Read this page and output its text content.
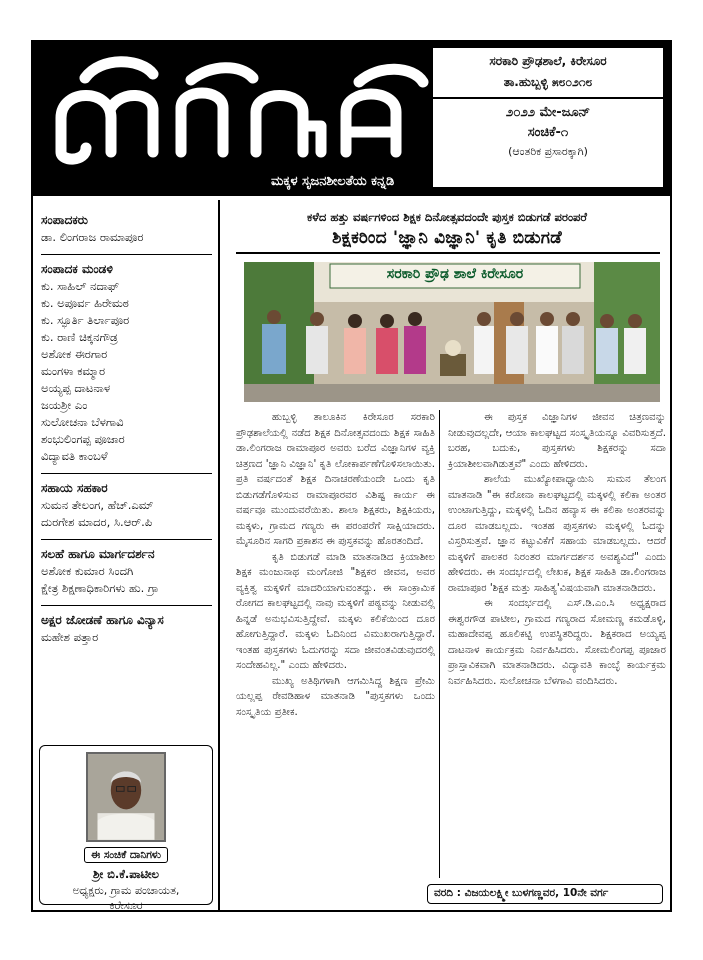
ಮಕ್ಕಳ ಸೃಜನಶೀಲತೆಯ ಕನ್ನಡಿ
ಸರಕಾರಿ ಪ್ರೌಢಶಾಲೆ, ಕಿರೇಸೂರ
ತಾ.ಹುಬ್ಬಳ್ಳಿ ೫೮೦೨೧೮
೨೦೨೨ ಮೇ-ಜೂನ್
ಸಂಚಿಕೆ-೧
(ಆಂತರಿಕ ಪ್ರಸಾರಕ್ಕಾಗಿ)
ಸಂಪಾದಕರು
ಡಾ. ಲಿಂಗರಾಜ ರಾಮಾಪೂರ
ಸಂಪಾದಕ ಮಂಡಳಿ
ಕು. ಸಾಹಿಲ್ ನದಾಫ್
ಕು. ಅಪೂರ್ವ ಹಿರೇಮಠ
ಕು. ಸ್ಫೂರ್ತಿ ತಿರ್ಲಾಪೂರ
ಕು. ರಾಣಿ ಚಿಕ್ಕನಗೌಡ್ರ
ಅಶೋಕ ಈರಗಾರ
ಮಂಗಳಾ ಕಮ್ಮಾರ
ಅಯ್ಯಪ್ಪ ದಾಟನಾಳ
ಜಯಶ್ರೀ ಎಂ
ಸುಲೋಚನಾ ಬೆಳಗಾವಿ
ಶಂಭುಲಿಂಗಪ್ಪ ಪೂಜಾರ
ವಿದ್ಯಾವತಿ ಕಾಂಬಳೆ
ಸಹಾಯ ಸಹಕಾರ
ಸುಮನ ತೇಲಂಗ, ಹೆಚ್.ಎಮ್
ದುರಗೇಶ ಮಾದರ, ಸಿ.ಆರ್.ಪಿ
ಸಲಹೆ ಹಾಗೂ ಮಾರ್ಗದರ್ಶನ
ಅಶೋಕ ಕುಮಾರ ಸಿಂದಗಿ
ಕ್ಷೇತ್ರ ಶಿಕ್ಷಣಾಧಿಕಾರಿಗಳು ಹು. ಗ್ರಾ
ಅಕ್ಷರ ಜೋಡಣೆ ಹಾಗೂ ವಿನ್ಯಾಸ
ಮಹೇಶ ಪತ್ತಾರ
ಈ ಸಂಚಿಕೆ ದಾನಿಗಳು
ಶ್ರೀ ಬಿ.ಕೆ.ಪಾಟೀಲ
ಅಧ್ಯಕ್ಷರು, ಗ್ರಾಮ ಪಂಚಾಯತ,
ಕಿರೇಸೂರ
ಕಳೆದ ಹತ್ತು ವರ್ಷಗಳಿಂದ ಶಿಕ್ಷಕ ದಿನೋತ್ಸವದಂದೇ ಪುಸ್ತಕ ಬಿಡುಗಡೆ ಪರಂಪರೆ
ಶಿಕ್ಷಕರಿಂದ 'ಜ್ಞಾನಿ ವಿಜ್ಞಾನಿ' ಕೃತಿ ಬಿಡುಗಡೆ
ಸರಕಾರಿ ಪ್ರೌಢ ಶಾಲೆ ಕಿರೇಸೂರ

ಹುಬ್ಬಳ್ಳಿ ತಾಲೂಕಿನ ಕಿರೇಸೂರ ಸರಕಾರಿ ಪ್ರೌಢಶಾಲೆಯಲ್ಲಿ ನಡೆದ ಶಿಕ್ಷಕ ದಿನೋತ್ಸವದಂದು ಶಿಕ್ಷಕ ಸಾಹಿತಿ ಡಾ.ಲಿಂಗರಾಜ ರಾಮಾಪೂರ ಅವರು ಬರೆದ ವಿಜ್ಞಾನಿಗಳ ವ್ಯಕ್ತಿ ಚಿತ್ರಣದ 'ಜ್ಞಾನಿ ವಿಜ್ಞಾನಿ' ಕೃತಿ ಲೋಕಾರ್ಪಣೆಗೊಳಿಸಲಾಯಿತು. ಪ್ರತಿ ವರ್ಷದಂತೆ ಶಿಕ್ಷಕ ದಿನಾಚರಣೆಯಂದೇ ಒಂದು ಕೃತಿ ಬಿಡುಗಡೆಗೊಳಿಸುವ ರಾಮಾಪೂರವರ ವಿಶಿಷ್ಟ ಕಾರ್ಯ ಈ ವರ್ಷವೂ ಮುಂದುವರೆಯಿತು. ಶಾಲಾ ಶಿಕ್ಷಕರು, ಶಿಕ್ಷಕಿಯರು, ಮಕ್ಕಳು, ಗ್ರಾಮದ ಗಣ್ಯರು ಈ ಪರಂಪರೆಗೆ ಸಾಕ್ಷಿಯಾದರು. ಮೈಸೂರಿನ ಸಾಗರಿ ಪ್ರಕಾಶನ ಈ ಪುಸ್ತಕವನ್ನು ಹೊರತಂದಿದೆ.

ಕೃತಿ ಬಿಡುಗಡೆ ಮಾಡಿ ಮಾತನಾಡಿದ ಕ್ರಿಯಾಶೀಲ ಶಿಕ್ಷಕ ಮಂಜುನಾಥ ಮಂಗೋಜಿ "ಶಿಕ್ಷಕರ ಜೀವನ, ಅವರ ವ್ಯಕ್ತಿತ್ವ ಮಕ್ಕಳಿಗೆ ಮಾದರಿಯಾಗುವಂತದ್ದು. ಈ ಸಾಂಕ್ರಾಮಿಕ ರೋಗದ ಕಾಲಘಟ್ಟದಲ್ಲಿ ನಾವು ಮಕ್ಕಳಿಗೆ ಪಠ್ಯವನ್ನು ನೀಡುವಲ್ಲಿ ಹಿನ್ನಡೆ ಅನುಭವಿಸುತ್ತಿದ್ದೇವೆ. ಮಕ್ಕಳು ಕಲಿಕೆಯಿಂದ ದೂರ ಹೋಗುತ್ತಿದ್ದಾರೆ. ಮಕ್ಕಳು ಓದಿನಿಂದ ವಿಮುಖರಾಗುತ್ತಿದ್ದಾರೆ. ಇಂತಹ ಪುಸ್ತಕಗಳು ಓದುಗರನ್ನು ಸದಾ ಜೀವಂತವಿಡುವುದರಲ್ಲಿ ಸಂದೇಹವಿಲ್ಲ." ಎಂದು ಹೇಳಿದರು.

ಮುಖ್ಯ ಅತಿಥಿಗಳಾಗಿ ಆಗಮಿಸಿದ್ದ ಶಿಕ್ಷಣ ಪ್ರೇಮಿ ಯಲ್ಲಪ್ಪ ರೇವಡಿಹಾಳ ಮಾತನಾಡಿ "ಪುಸ್ತಕಗಳು ಒಂದು ಸಂಸ್ಕೃತಿಯ ಪ್ರತೀಕ.

ಈ ಪುಸ್ತಕ ವಿಜ್ಞಾನಿಗಳ ಜೀವನ ಚಿತ್ರಣವನ್ನು ನೀಡುವುದಲ್ಲದೇ, ಆಯಾ ಕಾಲಘಟ್ಟದ ಸಂಸ್ಕೃತಿಯನ್ನೂ ವಿವರಿಸುತ್ತದೆ. ಬರಹ, ಬದುಕು, ಪುಸ್ತಕಗಳು ಶಿಕ್ಷಕರನ್ನು ಸದಾ ಕ್ರಿಯಾಶೀಲವಾಗಿಡುತ್ತವೆ" ಎಂದು ಹೇಳಿದರು.

ಶಾಲೆಯ ಮುಖ್ಯೋಪಾಧ್ಯಾಯಿನಿ ಸುಮನ ತೆಲಂಗ ಮಾತನಾಡಿ "ಈ ಕರೋನಾ ಕಾಲಘಟ್ಟದಲ್ಲಿ ಮಕ್ಕಳಲ್ಲಿ ಕಲಿಕಾ ಅಂತರ ಉಂಟಾಗುತ್ತಿದ್ದು, ಮಕ್ಕಳಲ್ಲಿ ಓದಿನ ಹವ್ಯಾಸ ಈ ಕಲಿಕಾ ಅಂತರವನ್ನು ದೂರ ಮಾಡಬಲ್ಲದು. ಇಂತಹ ಪುಸ್ತಕಗಳು ಮಕ್ಕಳಲ್ಲಿ ಓದನ್ನು ವಿಸ್ತರಿಸುತ್ತವೆ. ಜ್ಞಾನ ಕಟ್ಟುವಿಕೆಗೆ ಸಹಾಯ ಮಾಡಬಲ್ಲದು. ಆದರೆ ಮಕ್ಕಳಿಗೆ ಪಾಲಕರ ನಿರಂತರ ಮಾರ್ಗದರ್ಶನ ಅವಶ್ಯವಿದೆ" ಎಂದು ಹೇಳಿದರು. ಈ ಸಂದರ್ಭದಲ್ಲಿ ಲೇಖಕ, ಶಿಕ್ಷಕ ಸಾಹಿತಿ ಡಾ.ಲಿಂಗರಾಜ ರಾಮಾಪೂರ 'ಶಿಕ್ಷಕ ಮತ್ತು ಸಾಹಿತ್ಯ'ವಿಷಯವಾಗಿ ಮಾತನಾಡಿದರು.

ಈ ಸಂದರ್ಭದಲ್ಲಿ ಎಸ್.ಡಿ.ಎಂ.ಸಿ ಅಧ್ಯಕ್ಷರಾದ ಈಶ್ವರಗೌಡ ಪಾಟೀಲ, ಗ್ರಾಮದ ಗಣ್ಯರಾದ ಸೋಮಣ್ಣ ಕಮಡೊಳ್ಳಿ, ಮಹಾದೇವಪ್ಪ ಹೂಲಿಕಟ್ಟಿ ಉಪಸ್ಥಿತರಿದ್ದರು. ಶಿಕ್ಷಕರಾದ ಅಯ್ಯಪ್ಪ ದಾಟನಾಳ ಕಾರ್ಯಕ್ರಮ ನಿರ್ವಹಿಸಿದರು. ಸೋಮಲಿಂಗಪ್ಪ ಪೂಜಾರ ಪ್ರಾಸ್ತಾವಿಕವಾಗಿ ಮಾತನಾಡಿದರು. ವಿದ್ಯಾವತಿ ಕಾಂಬ್ಳೆ ಕಾರ್ಯಕ್ರಮ ನಿರ್ವಹಿಸಿದರು. ಸುಲೋಚನಾ ಬೆಳಗಾವಿ ವಂದಿಸಿದರು.

ವರದಿ : ವಿಜಯಲಕ್ಷ್ಮೀ ಬುಳಗಣ್ಣವರ, 10ನೇ ವರ್ಗ
